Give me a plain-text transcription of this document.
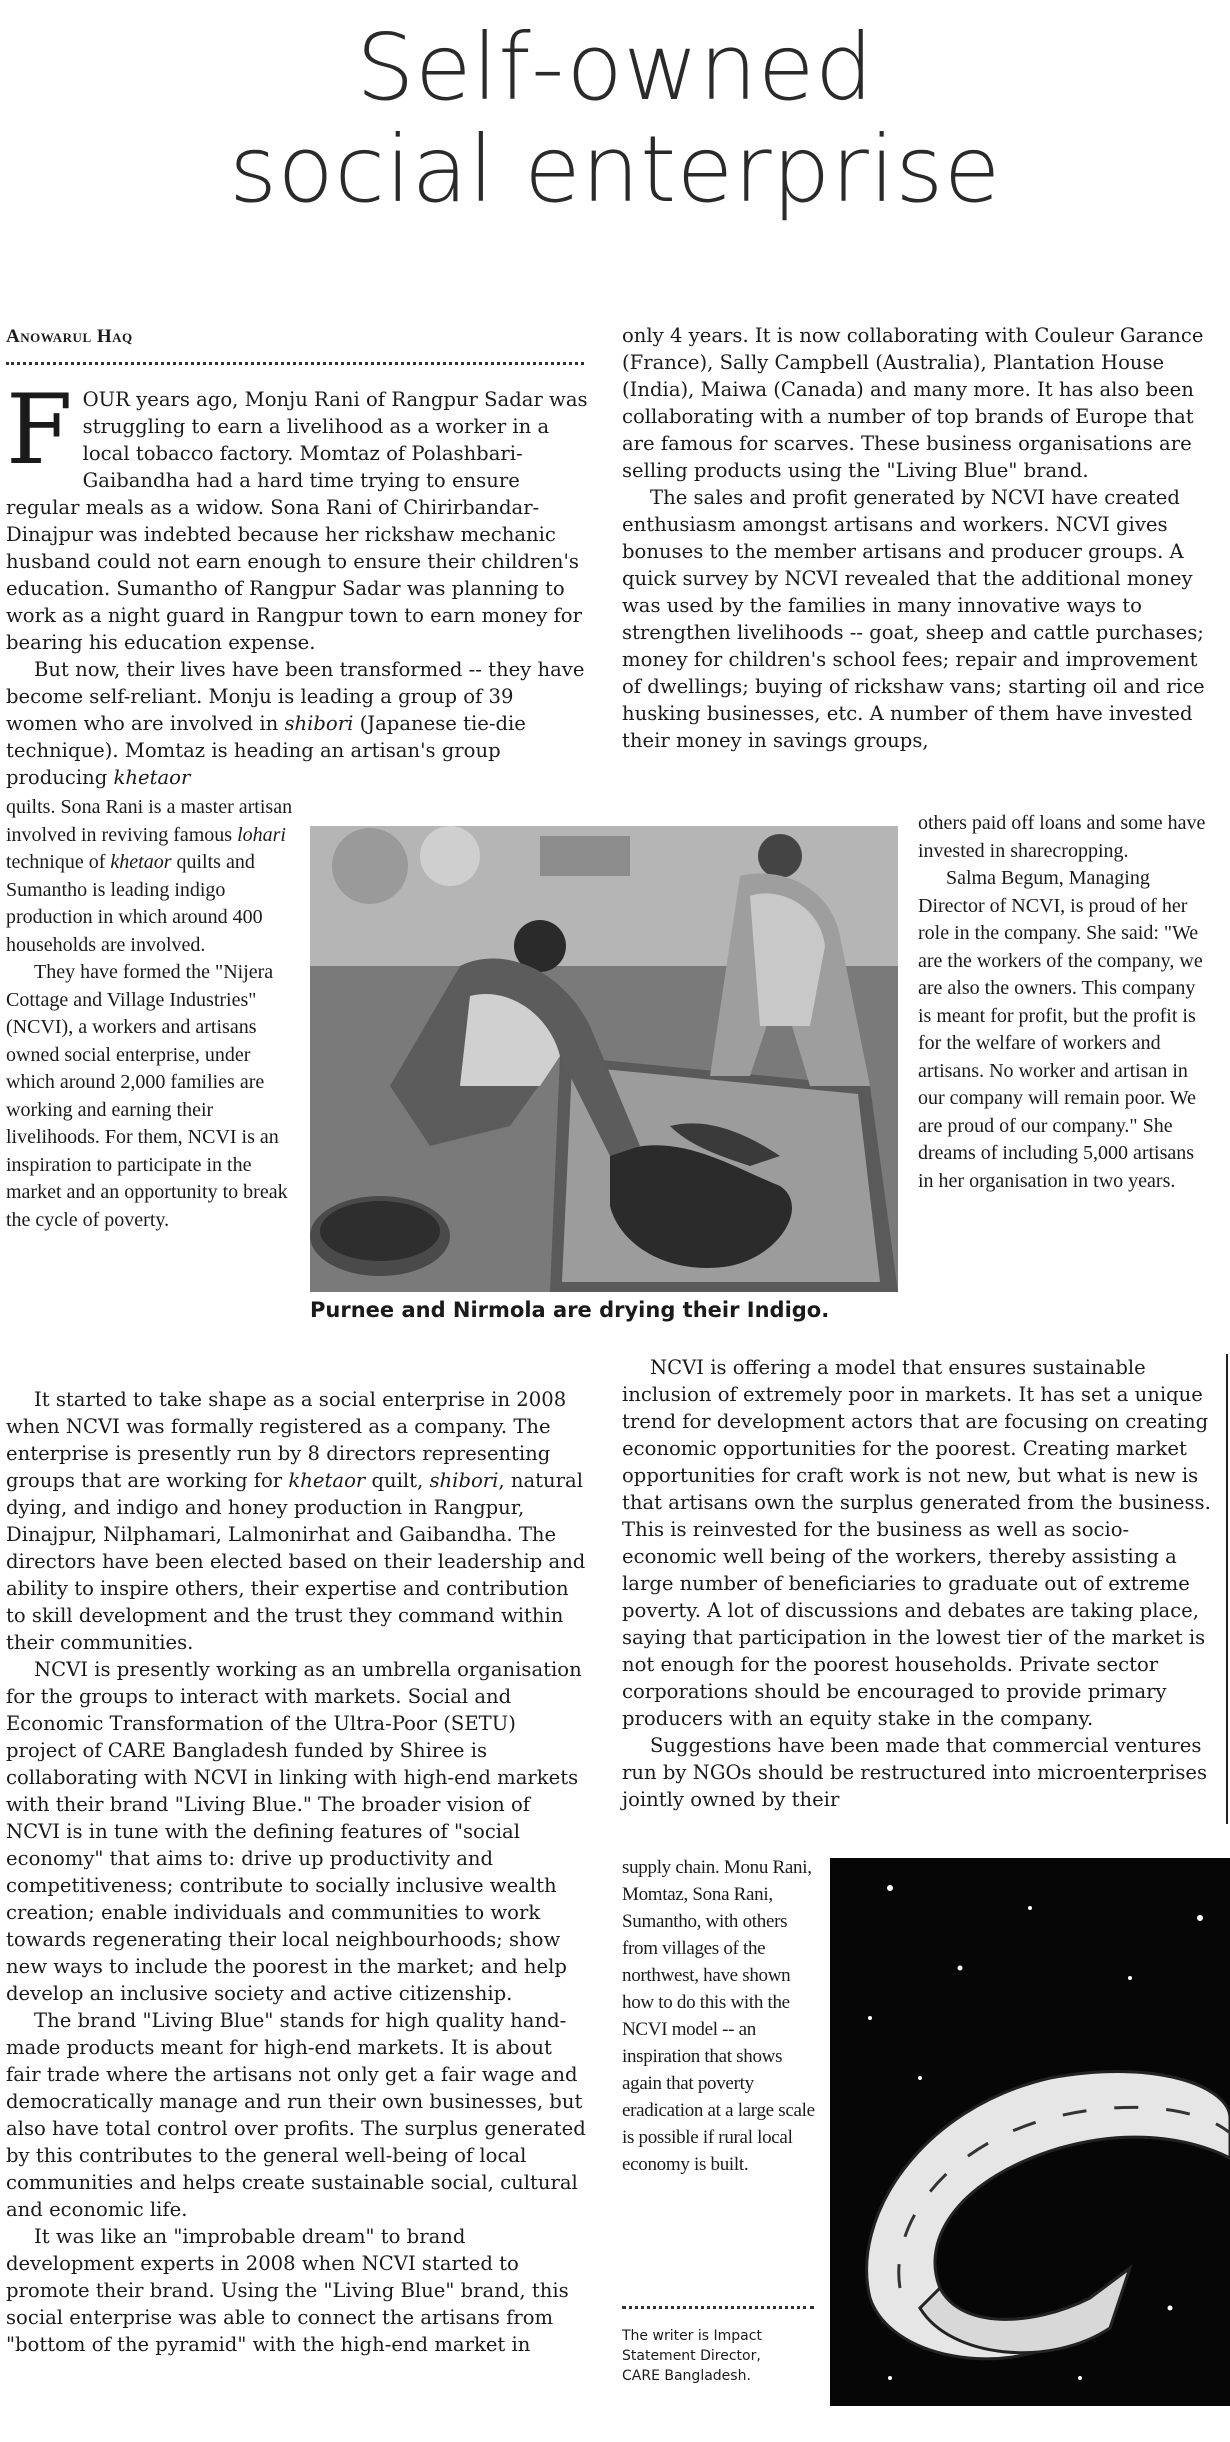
Self-owned
social enterprise
Anowarul Haq

FOUR years ago, Monju Rani of Rangpur Sadar was struggling to earn a livelihood as a worker in a local tobacco factory. Momtaz of Polashbari-Gaibandha had a hard time trying to ensure regular meals as a widow. Sona Rani of Chirirbandar-Dinajpur was indebted because her rickshaw mechanic husband could not earn enough to ensure their children's education. Sumantho of Rangpur Sadar was planning to work as a night guard in Rangpur town to earn money for bearing his education expense.

But now, their lives have been transformed -- they have become self-reliant. Monju is leading a group of 39 women who are involved in shibori (Japanese tie-die technique). Momtaz is heading an artisan's group producing khetaor

quilts. Sona Rani is a master artisan involved in reviving famous lohari technique of khetaor quilts and Sumantho is leading indigo production in which around 400 households are involved.

They have formed the "Nijera Cottage and Village Industries" (NCVI), a workers and artisans owned social enterprise, under which around 2,000 families are working and earning their livelihoods. For them, NCVI is an inspiration to participate in the market and an opportunity to break the cycle of poverty.

Purnee and Nirmola are drying their Indigo.

It started to take shape as a social enterprise in 2008 when NCVI was formally registered as a company. The enterprise is presently run by 8 directors representing groups that are working for khetaor quilt, shibori, natural dying, and indigo and honey production in Rangpur, Dinajpur, Nilphamari, Lalmonirhat and Gaibandha. The directors have been elected based on their leadership and ability to inspire others, their expertise and contribution to skill development and the trust they command within their communities.

NCVI is presently working as an umbrella organisation for the groups to interact with markets. Social and Economic Transformation of the Ultra-Poor (SETU) project of CARE Bangladesh funded by Shiree is collaborating with NCVI in linking with high-end markets with their brand "Living Blue." The broader vision of NCVI is in tune with the defining features of "social economy" that aims to: drive up productivity and competitiveness; contribute to socially inclusive wealth creation; enable individuals and communities to work towards regenerating their local neighbourhoods; show new ways to include the poorest in the market; and help develop an inclusive society and active citizenship.

The brand "Living Blue" stands for high quality hand-made products meant for high-end markets. It is about fair trade where the artisans not only get a fair wage and democratically manage and run their own businesses, but also have total control over profits. The surplus generated by this contributes to the general well-being of local communities and helps create sustainable social, cultural and economic life.

It was like an "improbable dream" to brand development experts in 2008 when NCVI started to promote their brand. Using the "Living Blue" brand, this social enterprise was able to connect the artisans from "bottom of the pyramid" with the high-end market in

only 4 years. It is now collaborating with Couleur Garance (France), Sally Campbell (Australia), Plantation House (India), Maiwa (Canada) and many more. It has also been collaborating with a number of top brands of Europe that are famous for scarves. These business organisations are selling products using the "Living Blue" brand.

The sales and profit generated by NCVI have created enthusiasm amongst artisans and workers. NCVI gives bonuses to the member artisans and producer groups. A quick survey by NCVI revealed that the additional money was used by the families in many innovative ways to strengthen livelihoods -- goat, sheep and cattle purchases; money for children's school fees; repair and improvement of dwellings; buying of rickshaw vans; starting oil and rice husking businesses, etc. A number of them have invested their money in savings groups,

others paid off loans and some have invested in sharecropping.

Salma Begum, Managing Director of NCVI, is proud of her role in the company. She said: "We are the workers of the company, we are also the owners. This company is meant for profit, but the profit is for the welfare of workers and artisans. No worker and artisan in our company will remain poor. We are proud of our company." She dreams of including 5,000 artisans in her organisation in two years.

NCVI is offering a model that ensures sustainable inclusion of extremely poor in markets. It has set a unique trend for development actors that are focusing on creating economic opportunities for the poorest. Creating market opportunities for craft work is not new, but what is new is that artisans own the surplus generated from the business. This is reinvested for the business as well as socio-economic well being of the workers, thereby assisting a large number of beneficiaries to graduate out of extreme poverty. A lot of discussions and debates are taking place, saying that participation in the lowest tier of the market is not enough for the poorest households. Private sector corporations should be encouraged to provide primary producers with an equity stake in the company.

Suggestions have been made that commercial ventures run by NGOs should be restructured into microenterprises jointly owned by their

supply chain. Monu Rani, Momtaz, Sona Rani, Sumantho, with others from villages of the northwest, have shown how to do this with the NCVI model -- an inspiration that shows again that poverty eradication at a large scale is possible if rural local economy is built.

The writer is Impact Statement Director, CARE Bangladesh.
